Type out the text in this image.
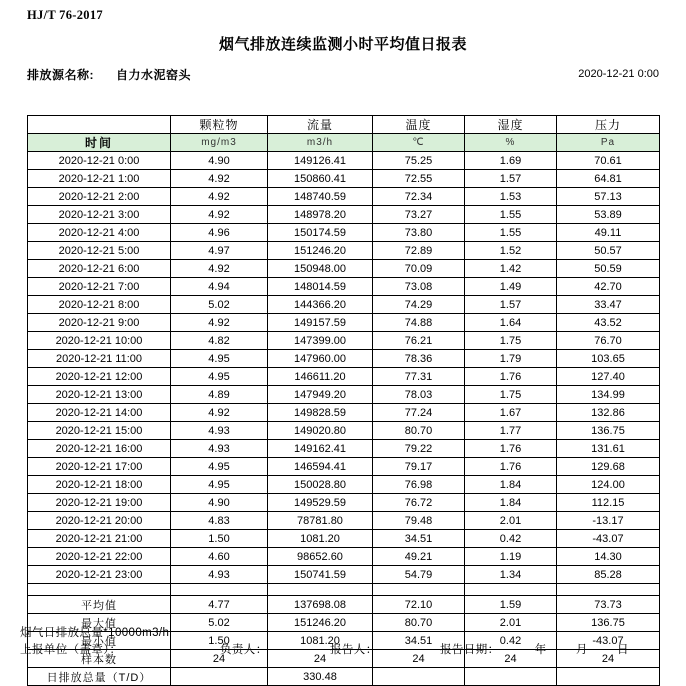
HJ/T 76-2017
烟气排放连续监测小时平均值日报表
排放源名称: 自力水泥窑头	2020-12-21 0:00
	颗粒物	流量	温度	湿度	压力
时间	mg/m3	m3/h	℃	%	Pa
2020-12-21 0:00	4.90	149126.41	75.25	1.69	70.61
2020-12-21 1:00	4.92	150860.41	72.55	1.57	64.81
2020-12-21 2:00	4.92	148740.59	72.34	1.53	57.13
2020-12-21 3:00	4.92	148978.20	73.27	1.55	53.89
2020-12-21 4:00	4.96	150174.59	73.80	1.55	49.11
2020-12-21 5:00	4.97	151246.20	72.89	1.52	50.57
2020-12-21 6:00	4.92	150948.00	70.09	1.42	50.59
2020-12-21 7:00	4.94	148014.59	73.08	1.49	42.70
2020-12-21 8:00	5.02	144366.20	74.29	1.57	33.47
2020-12-21 9:00	4.92	149157.59	74.88	1.64	43.52
2020-12-21 10:00	4.82	147399.00	76.21	1.75	76.70
2020-12-21 11:00	4.95	147960.00	78.36	1.79	103.65
2020-12-21 12:00	4.95	146611.20	77.31	1.76	127.40
2020-12-21 13:00	4.89	147949.20	78.03	1.75	134.99
2020-12-21 14:00	4.92	149828.59	77.24	1.67	132.86
2020-12-21 15:00	4.93	149020.80	80.70	1.77	136.75
2020-12-21 16:00	4.93	149162.41	79.22	1.76	131.61
2020-12-21 17:00	4.95	146594.41	79.17	1.76	129.68
2020-12-21 18:00	4.95	150028.80	76.98	1.84	124.00
2020-12-21 19:00	4.90	149529.59	76.72	1.84	112.15
2020-12-21 20:00	4.83	78781.80	79.48	2.01	-13.17
2020-12-21 21:00	1.50	1081.20	34.51	0.42	-43.07
2020-12-21 22:00	4.60	98652.60	49.21	1.19	14.30
2020-12-21 23:00	4.93	150741.59	54.79	1.34	85.28

平均值	4.77	137698.08	72.10	1.59	73.73
最大值	5.02	151246.20	80.70	2.01	136.75
最小值	1.50	1081.20	34.51	0.42	-43.07
样本数	24	24	24	24	24
日排放总量（T/D）		330.48			
烟气日排放总量*10000m3/h
上报单位（盖章）：	负责人：	报告人：	报告日期：	年	月	日
